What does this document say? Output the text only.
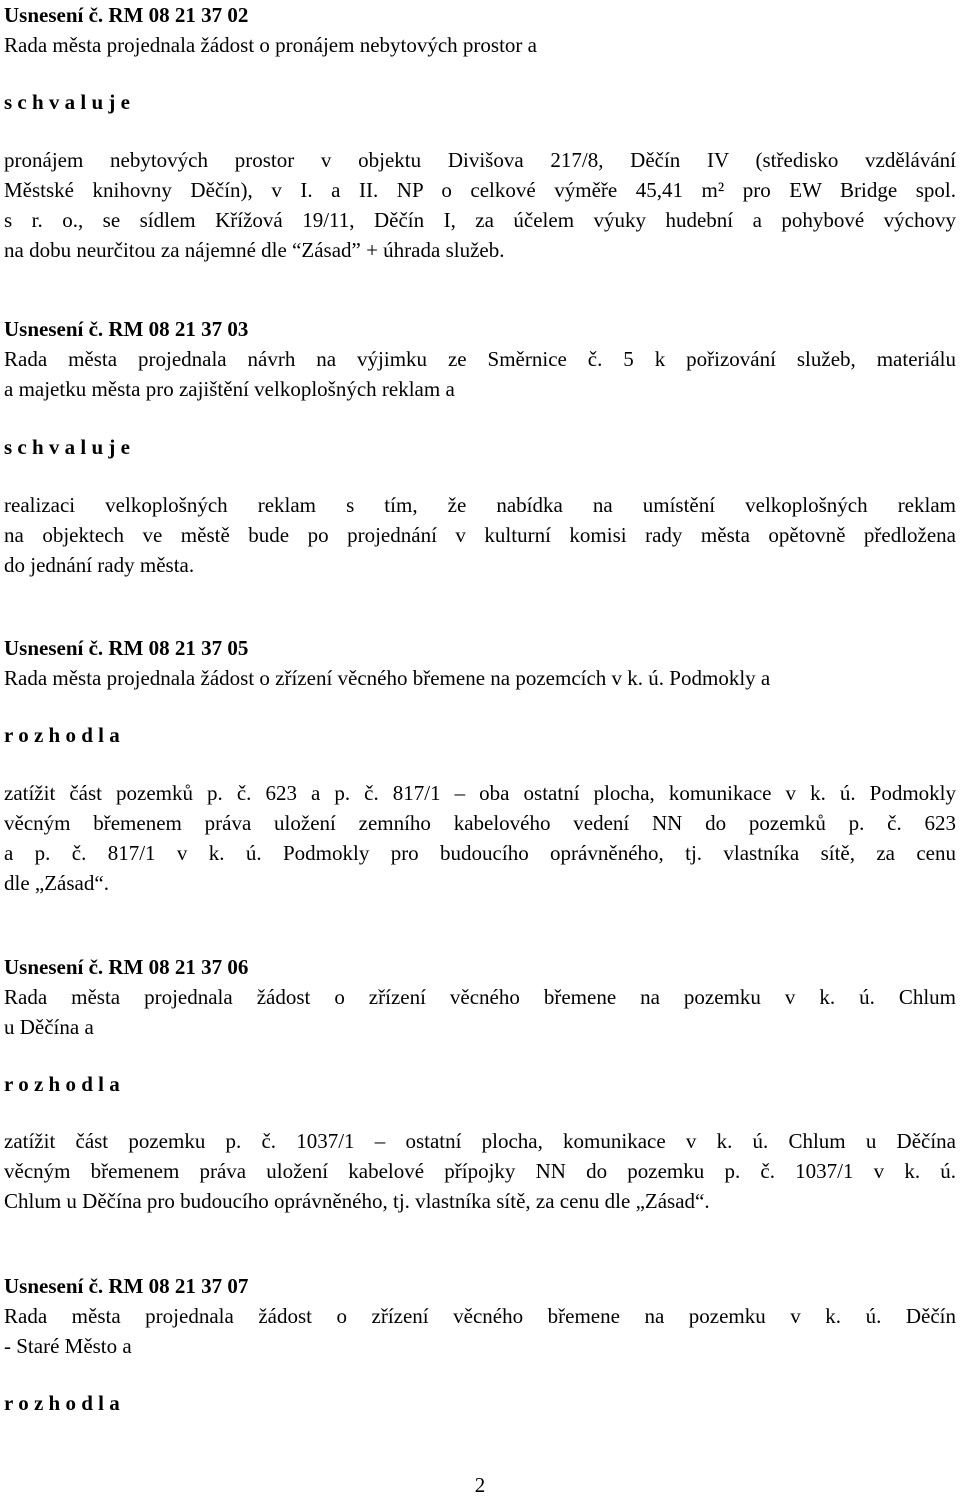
Usnesení č. RM 08 21 37 02
Rada města projednala žádost o pronájem nebytových prostor a
s c h v a l u j e
pronájem nebytových prostor v objektu Divišova 217/8, Děčín IV (středisko vzdělávání
Městské knihovny Děčín), v I. a II. NP o celkové výměře 45,41 m² pro EW Bridge spol.
s r. o., se sídlem Křížová 19/11, Děčín I, za účelem výuky hudební a pohybové výchovy
na dobu neurčitou za nájemné dle “Zásad” + úhrada služeb.
Usnesení č. RM 08 21 37 03
Rada města projednala návrh na výjimku ze Směrnice č. 5 k pořizování služeb, materiálu
a majetku města pro zajištění velkoplošných reklam a
s c h v a l u j e
realizaci velkoplošných reklam s tím, že nabídka na umístění velkoplošných reklam
na objektech ve městě bude po projednání v kulturní komisi rady města opětovně předložena
do jednání rady města.
Usnesení č. RM 08 21 37 05
Rada města projednala žádost o zřízení věcného břemene na pozemcích v k. ú. Podmokly a
r o z h o d l a
zatížit část pozemků p. č. 623 a p. č. 817/1 – oba ostatní plocha, komunikace v k. ú. Podmokly
věcným břemenem práva uložení zemního kabelového vedení NN do pozemků p. č. 623
a p. č. 817/1 v k. ú. Podmokly pro budoucího oprávněného, tj. vlastníka sítě, za cenu
dle „Zásad“.
Usnesení č. RM 08 21 37 06
Rada města projednala žádost o zřízení věcného břemene na pozemku v k. ú. Chlum
u Děčína a
r o z h o d l a
zatížit část pozemku p. č. 1037/1 – ostatní plocha, komunikace v k. ú. Chlum u Děčína
věcným břemenem práva uložení kabelové přípojky NN do pozemku p. č. 1037/1 v k. ú.
Chlum u Děčína pro budoucího oprávněného, tj. vlastníka sítě, za cenu dle „Zásad“.
Usnesení č. RM 08 21 37 07
Rada města projednala žádost o zřízení věcného břemene na pozemku v k. ú. Děčín
- Staré Město a
r o z h o d l a
2
